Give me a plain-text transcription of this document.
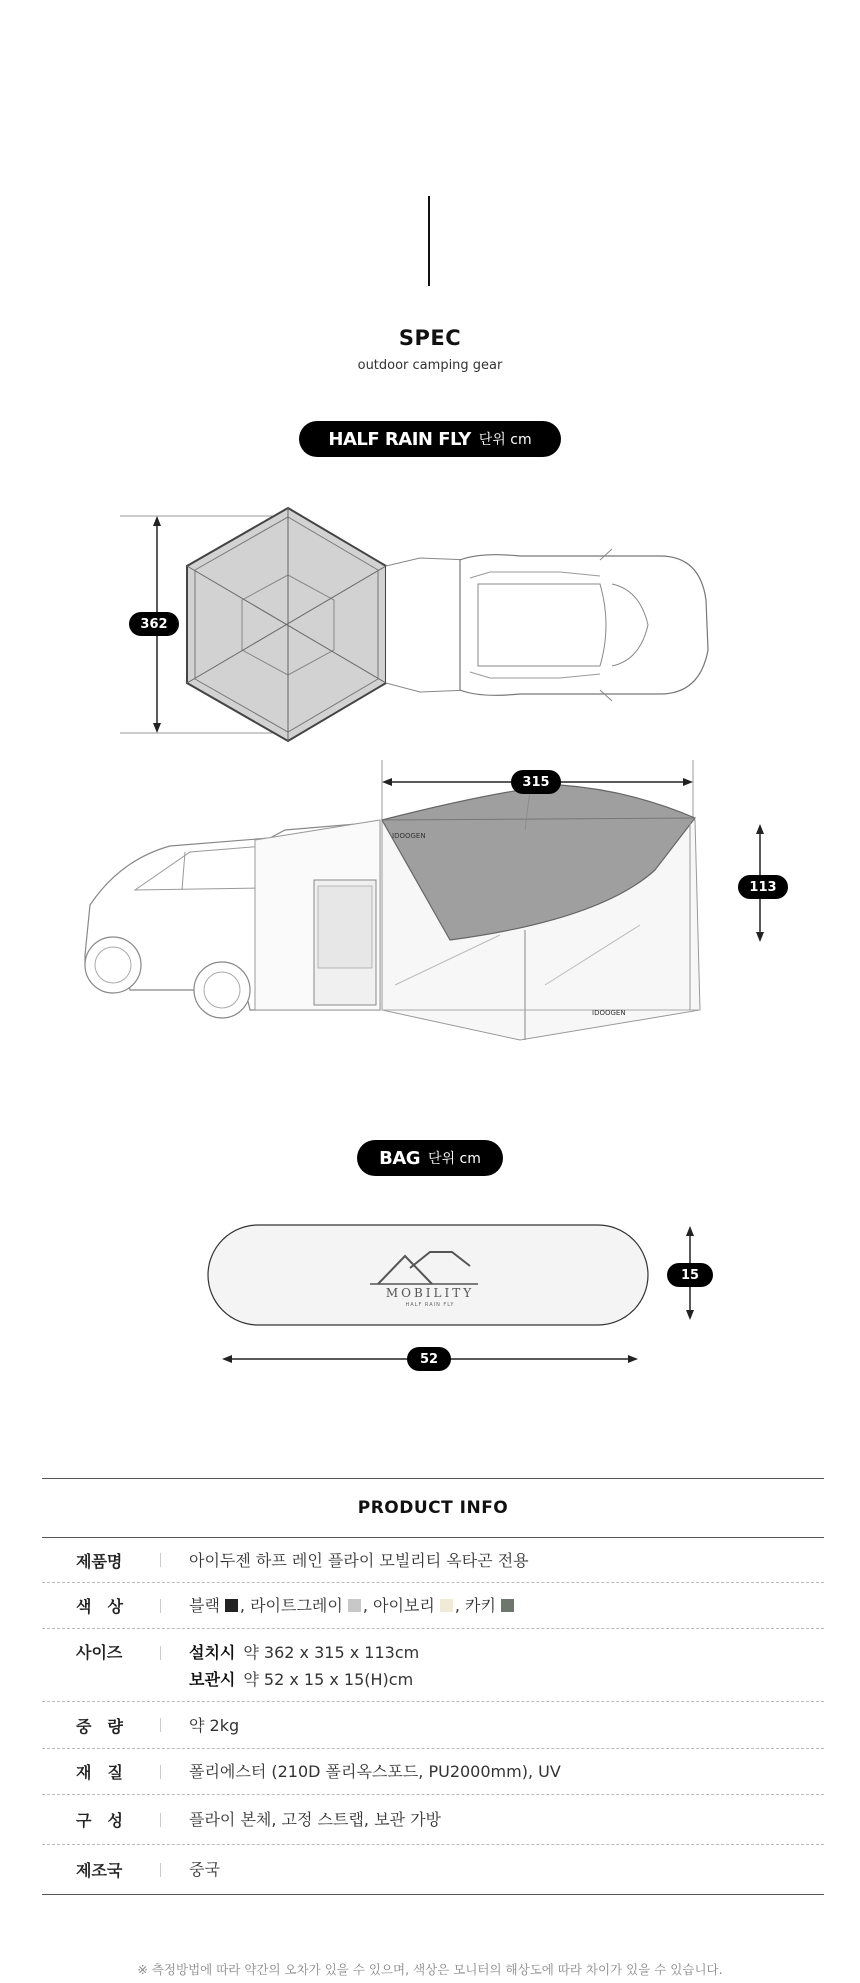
SPEC
outdoor camping gear
HALF RAIN FLY 단위 cm
362
IDOOGEN
IDOOGEN
315
113
BAG 단위 cm
MOBILITY
HALF RAIN FLY
15
52
PRODUCT INFO
제품명	아이두젠 하프 레인 플라이 모빌리티 옥타곤 전용
색　상	블랙 , 라이트그레이 , 아이보리 , 카키
사이즈	설치시 약 362 x 315 x 113cm
보관시 약 52 x 15 x 15(H)cm
중　량	약 2kg
재　질	폴리에스터 (210D 폴리옥스포드, PU2000mm), UV
구　성	플라이 본체, 고정 스트랩, 보관 가방
제조국	중국
※ 측정방법에 따라 약간의 오차가 있을 수 있으며, 색상은 모니터의 해상도에 따라 차이가 있을 수 있습니다.
